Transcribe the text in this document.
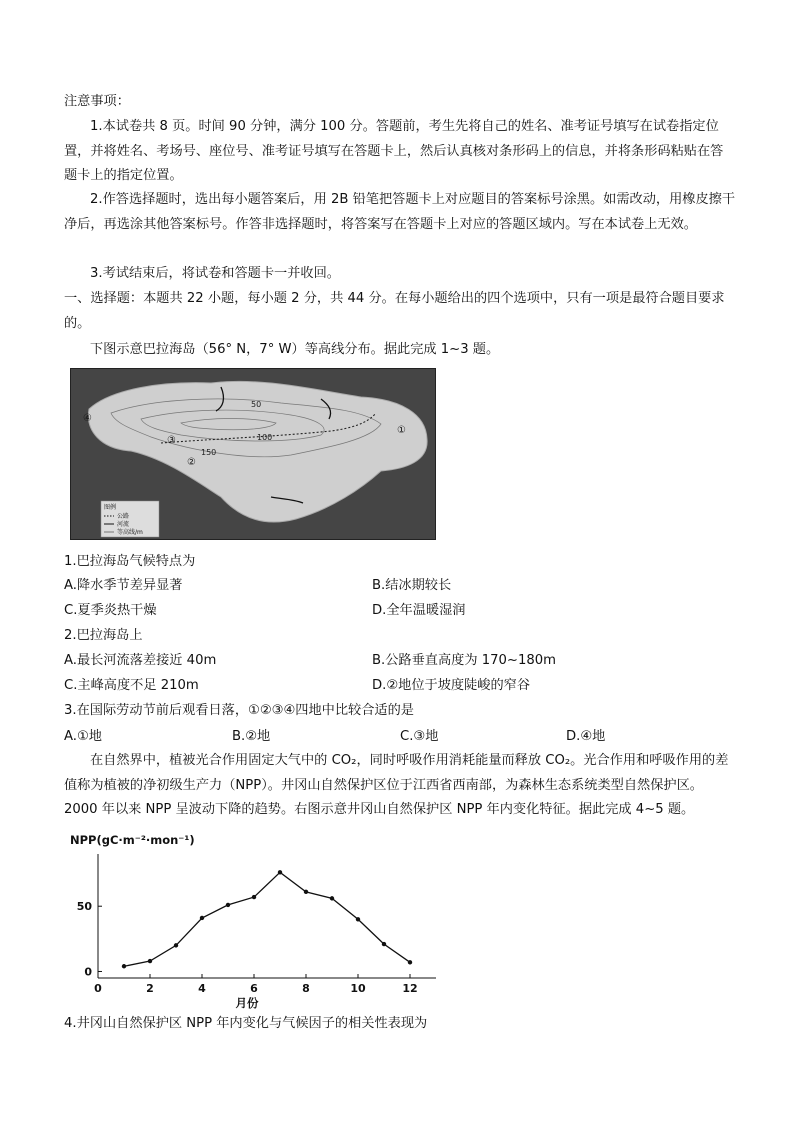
注意事项：

1.本试卷共 8 页。时间 90 分钟，满分 100 分。答题前，考生先将自己的姓名、准考证号填写在试卷指定位置，并将姓名、考场号、座位号、准考证号填写在答题卡上，然后认真核对条形码上的信息，并将条形码粘贴在答题卡上的指定位置。

2.作答选择题时，选出每小题答案后，用 2B 铅笔把答题卡上对应题目的答案标号涂黑。如需改动，用橡皮擦干净后，再选涂其他答案标号。作答非选择题时，将答案写在答题卡上对应的答题区域内。写在本试卷上无效。

3.考试结束后，将试卷和答题卡一并收回。

一、选择题：本题共 22 小题，每小题 2 分，共 44 分。在每小题给出的四个选项中，只有一项是最符合题目要求的。

下图示意巴拉海岛（56° N，7° W）等高线分布。据此完成 1~3 题。
50
100
150
①
②
③
④
图例
公路
河流
等高线/m
1.巴拉海岛气候特点为
A.降水季节差异显著	B.结冰期较长
C.夏季炎热干燥	D.全年温暖湿润
2.巴拉海岛上
A.最长河流落差接近 40m	B.公路垂直高度为 170~180m
C.主峰高度不足 210m	D.②地位于坡度陡峻的窄谷
3.在国际劳动节前后观看日落，①②③④四地中比较合适的是
A.①地	B.②地	C.③地	D.④地

在自然界中，植被光合作用固定大气中的 CO₂，同时呼吸作用消耗能量而释放 CO₂。光合作用和呼吸作用的差值称为植被的净初级生产力（NPP）。井冈山自然保护区位于江西省西南部，为森林生态系统类型自然保护区。2000 年以来 NPP 呈波动下降的趋势。右图示意井冈山自然保护区 NPP 年内变化特征。据此完成 4~5 题。

NPP(gC·m⁻²·mon⁻¹)
0
50
0	2	4	6	8	10	12
月份
4.井冈山自然保护区 NPP 年内变化与气候因子的相关性表现为
